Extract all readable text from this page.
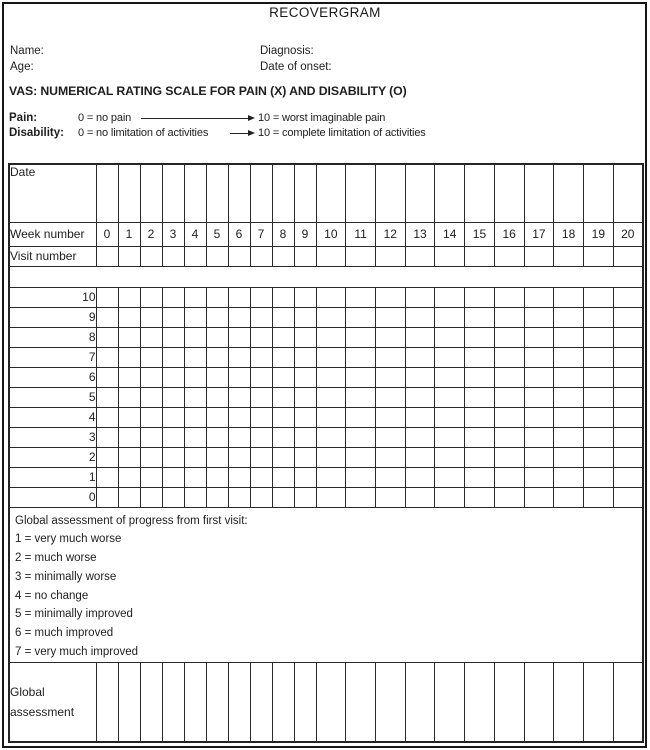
RECOVERGRAM
Name:
Age:
Diagnosis:
Date of onset:
VAS: NUMERICAL RATING SCALE FOR PAIN (X) AND DISABILITY (O)
Pain:	0 = no pain	10 = worst imaginable pain
Disability: 0 = no limitation of activities	10 = complete limitation of activities
Date																					
Week number	0	1	2	3	4	5	6	7	8	9	10	11	12	13	14	15	16	17	18	19	20
Visit number																					

10																					
9																					
8																					
7																					
6																					
5																					
4																					
3																					
2																					
1																					
0																					

Global assessment of progress from first visit:
1 = very much worse
2 = much worse
3 = minimally worse
4 = no change
5 = minimally improved
6 = much improved
7 = very much improved

Global
assessment																					
